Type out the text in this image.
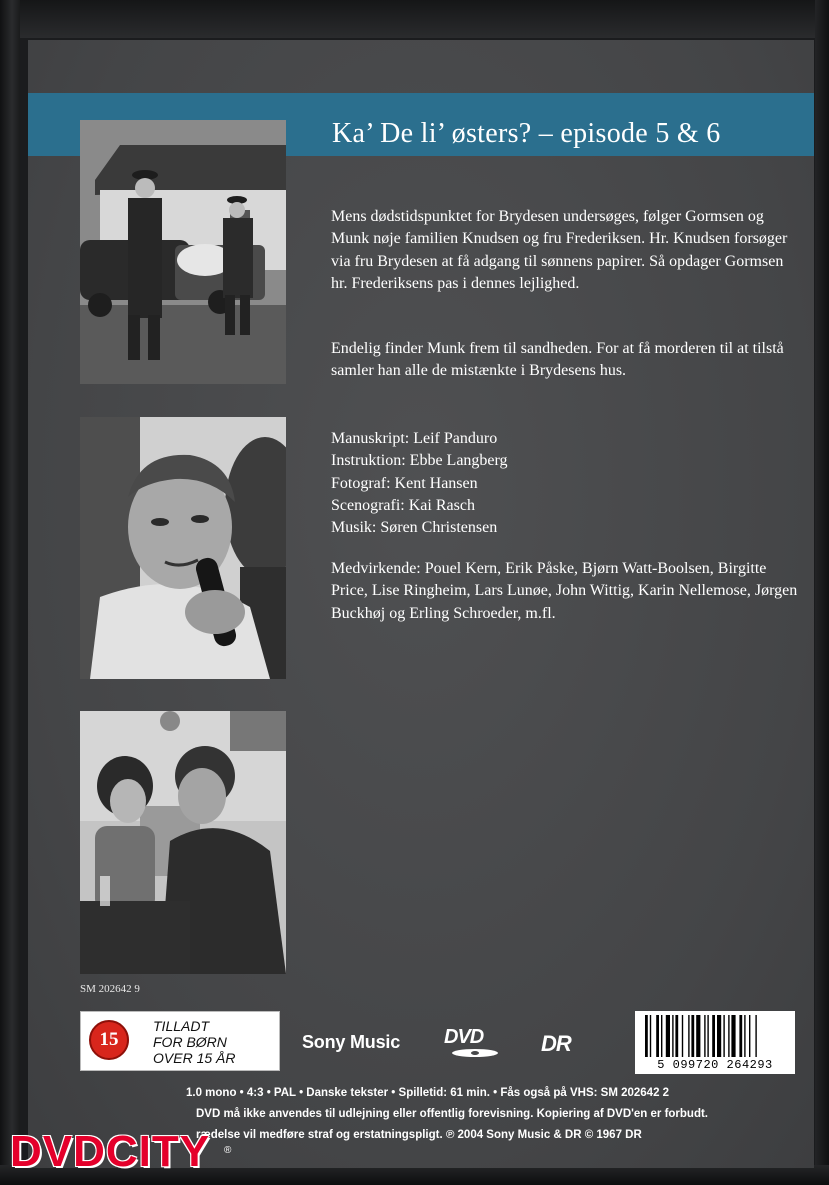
Ka’ De li’ østers? – episode 5 & 6
Mens dødstidspunktet for Brydesen undersøges, følger Gormsen og Munk nøje familien Knudsen og fru Frederiksen. Hr. Knudsen forsøger via fru Brydesen at få adgang til sønnens papirer. Så opdager Gormsen hr. Frederiksens pas i dennes lejlighed.
Endelig finder Munk frem til sandheden. For at få morderen til at tilstå samler han alle de mistænkte i Brydesens hus.

Manuskript: Leif Panduro

Instruktion: Ebbe Langberg

Fotograf: Kent Hansen

Scenografi: Kai Rasch

Musik: Søren Christensen

Medvirkende: Pouel Kern, Erik Påske, Bjørn Watt-Boolsen, Birgitte Price, Lise Ringheim, Lars Lunøe, John Wittig, Karin Nellemose, Jørgen Buckhøj og Erling Schroeder, m.fl.
SM 202642 9
15
TILLADT
FOR BØRN
OVER 15 ÅR
Sony Music DVD	DR
5 099720 264293
1.0 mono • 4:3 • PAL • Danske tekster • Spilletid: 61 min. • Fås også på VHS: SM 202642 2
DVD må ikke anvendes til udlejning eller offentlig forevisning. Kopiering af DVD'en er forbudt.
rædelse vil medføre straf og erstatningspligt. ℗ 2004 Sony Music & DR © 1967 DR
DVDCITY ®
